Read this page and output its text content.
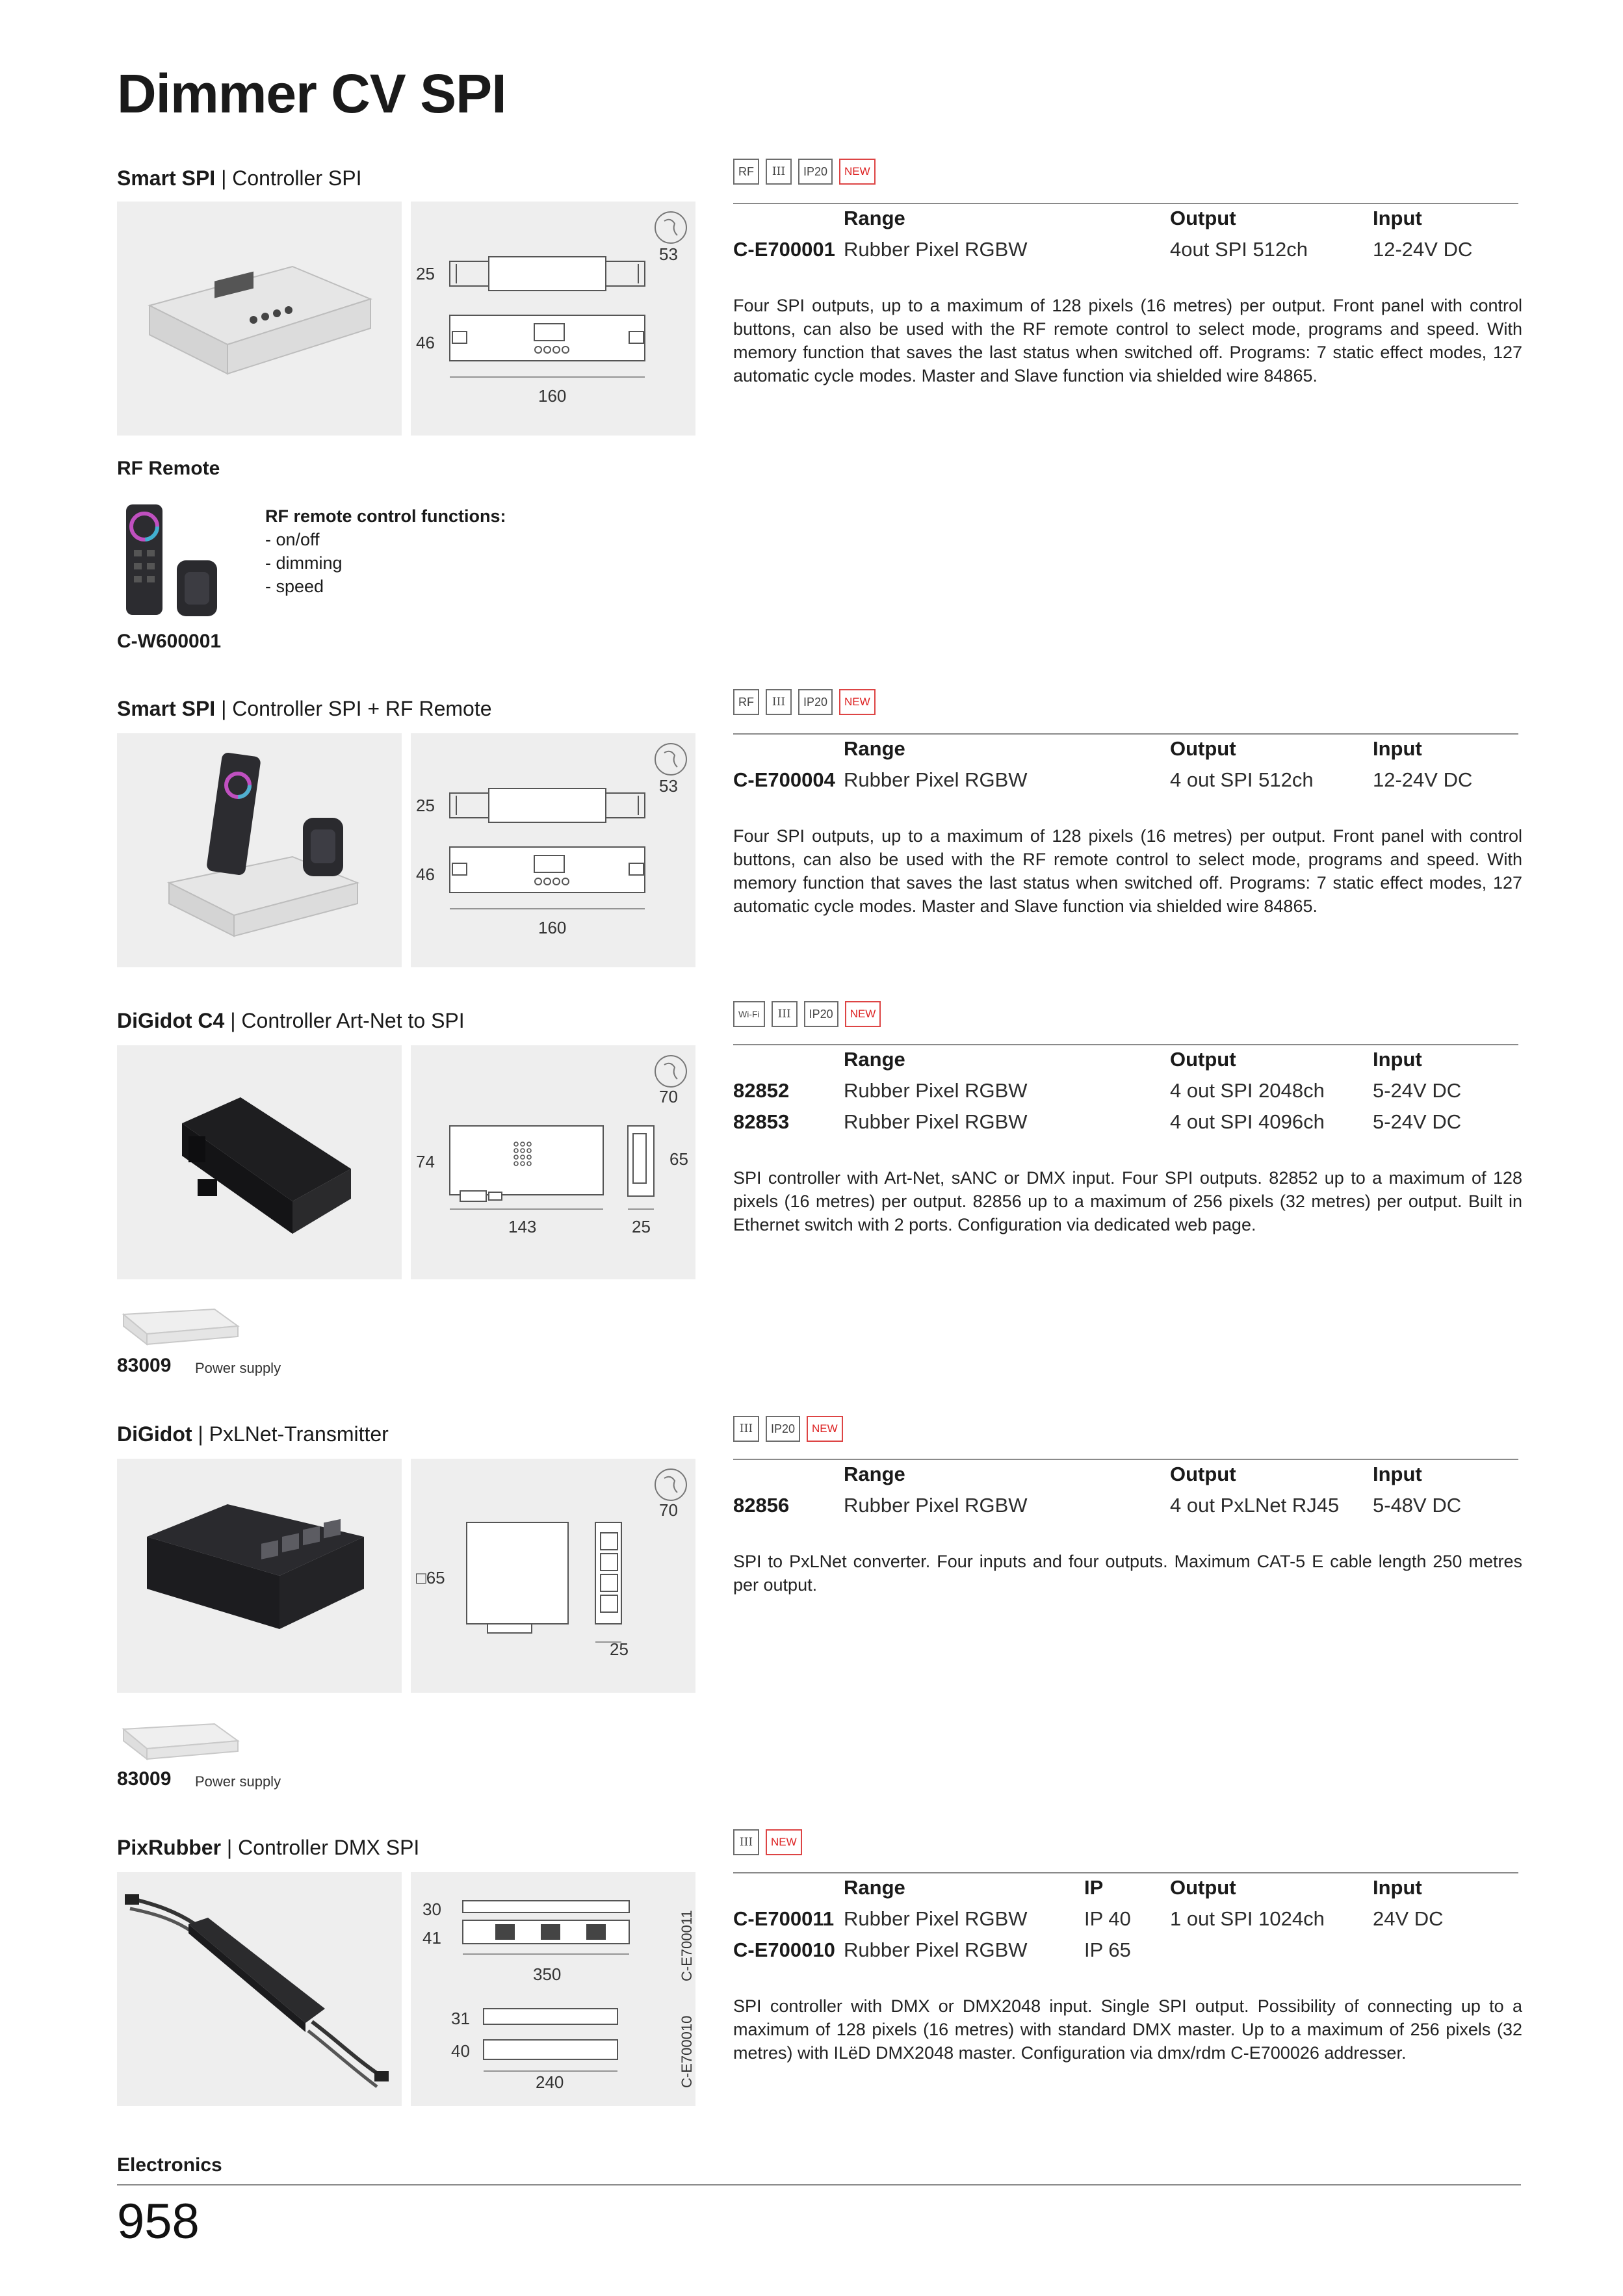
Dimmer CV SPI
Smart SPI | Controller SPI
53
25
46
160
RF	III	IP20	NEW
Range	Output	Input
C-E700001 Rubber Pixel RGBW	4out SPI 512ch	12-24V DC

Four SPI outputs, up to a maximum of 128 pixels (16 metres) per output. Front panel with control buttons, can also be used with the RF remote control to select mode, programs and speed. With memory function that saves the last status when switched off. Programs: 7 static effect modes, 127 automatic cycle modes. Master and Slave function via shielded wire 84865.

RF Remote
RF remote control functions:
- on/off
- dimming
- speed
C-W600001
Smart SPI | Controller SPI + RF Remote
53
25
46
160
RF	III	IP20	NEW
Range	Output	Input
C-E700004 Rubber Pixel RGBW	4 out SPI 512ch	12-24V DC

Four SPI outputs, up to a maximum of 128 pixels (16 metres) per output. Front panel with control buttons, can also be used with the RF remote control to select mode, programs and speed. With memory function that saves the last status when switched off. Programs: 7 static effect modes, 127 automatic cycle modes. Master and Slave function via shielded wire 84865.

DiGidot C4 | Controller Art-Net to SPI
70
74	65
143	25
Wi-Fi	III	IP20	NEW
Range	Output	Input
82852	Rubber Pixel RGBW	4 out SPI 2048ch 5-24V DC
82853	Rubber Pixel RGBW	4 out SPI 4096ch 5-24V DC

SPI controller with Art-Net, sANC or DMX input. Four SPI outputs. 82852 up to a maximum of 128 pixels (16 metres) per output. 82856 up to a maximum of 256 pixels (32 metres) per output. Built in Ethernet switch with 2 ports. Configuration via dedicated web page.

83009 Power supply
DiGidot | PxLNet-Transmitter
70
□65
25
III	IP20	NEW
Range	Output	Input
82856	Rubber Pixel RGBW	4 out PxLNet RJ45 5-48V DC

SPI to PxLNet converter. Four inputs and four outputs. Maximum CAT-5 E cable length 250 metres per output.

83009 Power supply
PixRubber | Controller DMX SPI
30
41
350	C-E700011
31
40
240	C-E700010
III	NEW
Range	IP	Output	Input
C-E700011 Rubber Pixel RGBW	IP 40 1 out SPI 1024ch 24V DC
C-E700010 Rubber Pixel RGBW	IP 65

SPI controller with DMX or DMX2048 input. Single SPI output. Possibility of connecting up to a maximum of 128 pixels (16 metres) with standard DMX master. Up to a maximum of 256 pixels (32 metres) with ILëD DMX2048 master. Configuration via dmx/rdm C-E700026 addresser.

Electronics
958
